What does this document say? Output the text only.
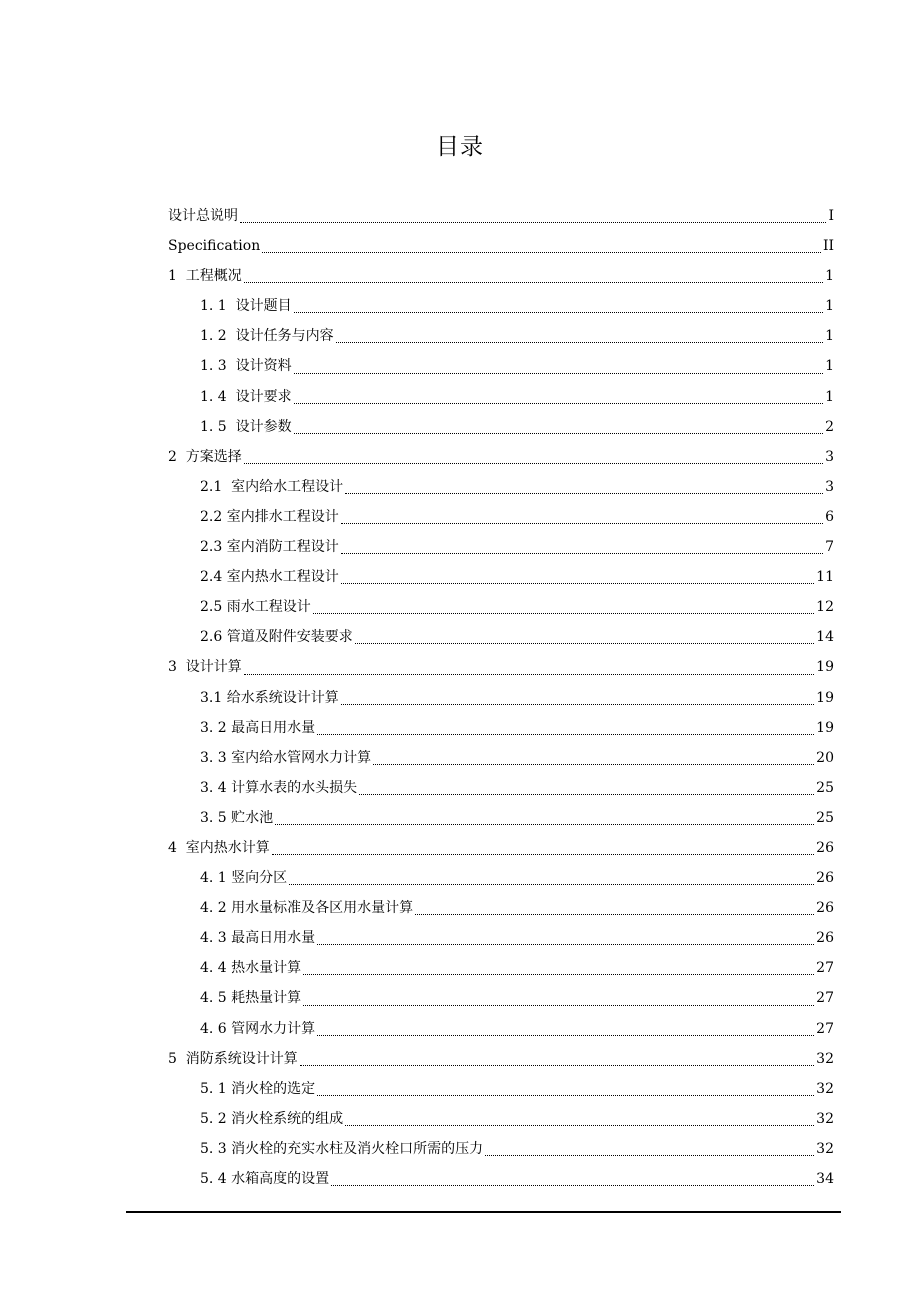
目录
设计总说明	I
Specification	II
1  工程概况	1
1. 1  设计题目	1
1. 2  设计任务与内容	1
1. 3  设计资料	1
1. 4  设计要求	1
1. 5  设计参数	2
2  方案选择	3
2.1  室内给水工程设计	3
2.2 室内排水工程设计	6
2.3 室内消防工程设计	7
2.4 室内热水工程设计	11
2.5 雨水工程设计	12
2.6 管道及附件安装要求	14
3  设计计算	19
3.1 给水系统设计计算	19
3. 2 最高日用水量	19
3. 3 室内给水管网水力计算	20
3. 4 计算水表的水头损失	25
3. 5 贮水池	25
4  室内热水计算	26
4. 1 竖向分区	26
4. 2 用水量标准及各区用水量计算	26
4. 3 最高日用水量	26
4. 4 热水量计算	27
4. 5 耗热量计算	27
4. 6 管网水力计算	27
5  消防系统设计计算	32
5. 1 消火栓的选定	32
5. 2 消火栓系统的组成	32
5. 3 消火栓的充实水柱及消火栓口所需的压力	32
5. 4 水箱高度的设置	34
